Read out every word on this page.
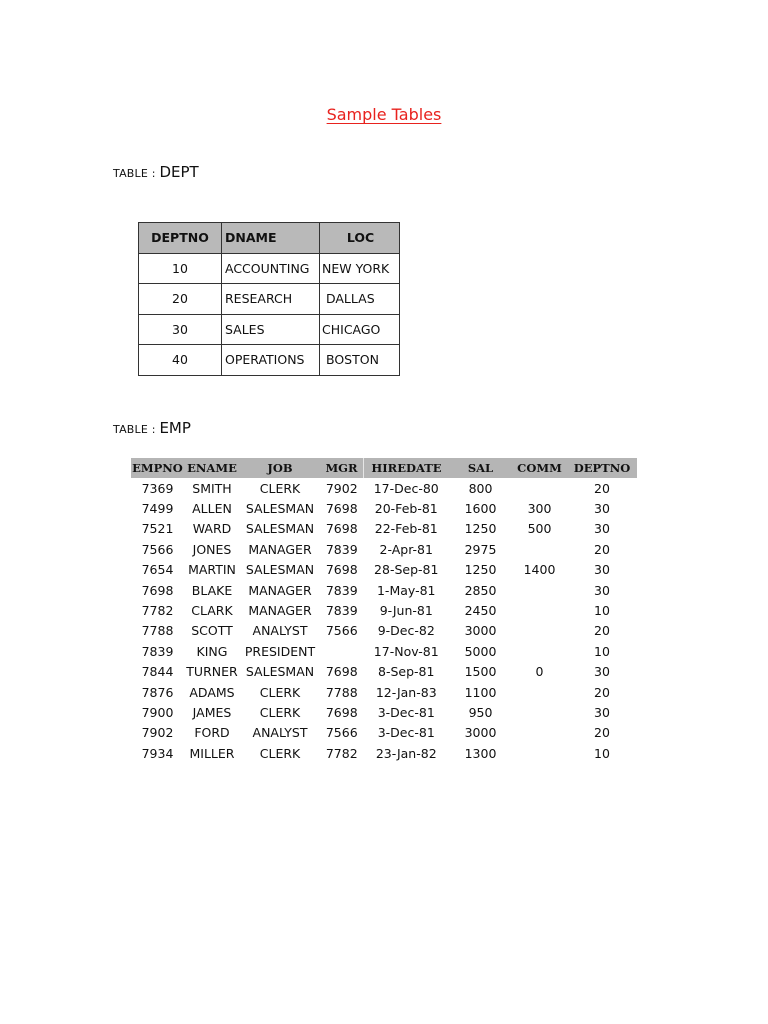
Sample Tables
TABLE : DEPT
DEPTNO	DNAME	LOC
10	ACCOUNTING	NEW YORK
20	RESEARCH	DALLAS
30	SALES	CHICAGO
40	OPERATIONS	BOSTON
TABLE : EMP
EMPNO	ENAME	JOB	MGR	HIREDATE	SAL	COMM	DEPTNO
7369	SMITH	CLERK	7902	17-Dec-80	800		20
7499	ALLEN	SALESMAN	7698	20-Feb-81	1600	300	30
7521	WARD	SALESMAN	7698	22-Feb-81	1250	500	30
7566	JONES	MANAGER	7839	2-Apr-81	2975		20
7654	MARTIN	SALESMAN	7698	28-Sep-81	1250	1400	30
7698	BLAKE	MANAGER	7839	1-May-81	2850		30
7782	CLARK	MANAGER	7839	9-Jun-81	2450		10
7788	SCOTT	ANALYST	7566	9-Dec-82	3000		20
7839	KING	PRESIDENT		17-Nov-81	5000		10
7844	TURNER	SALESMAN	7698	8-Sep-81	1500	0	30
7876	ADAMS	CLERK	7788	12-Jan-83	1100		20
7900	JAMES	CLERK	7698	3-Dec-81	950		30
7902	FORD	ANALYST	7566	3-Dec-81	3000		20
7934	MILLER	CLERK	7782	23-Jan-82	1300		10
